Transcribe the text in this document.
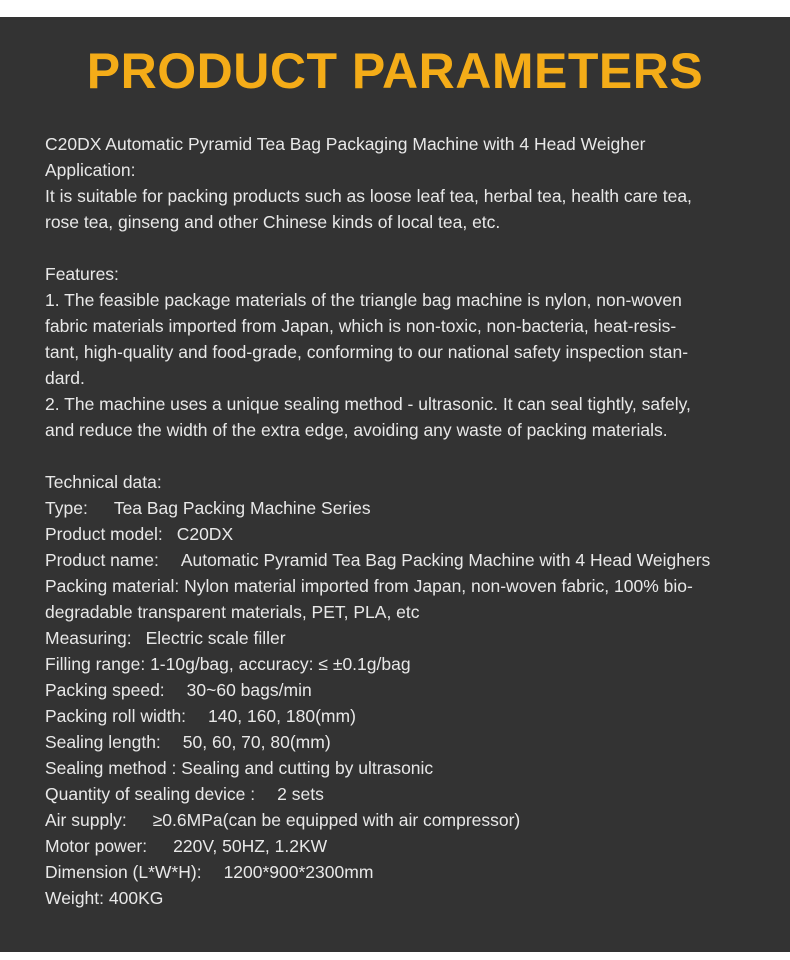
PRODUCT PARAMETERS
C20DX Automatic Pyramid Tea Bag Packaging Machine with 4 Head Weigher
Application:
It is suitable for packing products such as loose leaf tea, herbal tea, health care tea,
rose tea, ginseng and other Chinese kinds of local tea, etc.
Features:
1. The feasible package materials of the triangle bag machine is nylon, non-woven
fabric materials imported from Japan, which is non-toxic, non-bacteria, heat-resis-
tant, high-quality and food-grade, conforming to our national safety inspection stan-
dard.
2. The machine uses a unique sealing method - ultrasonic. It can seal tightly, safely,
and reduce the width of the extra edge, avoiding any waste of packing materials.
Technical data:
Type: Tea Bag Packing Machine Series
Product model: C20DX
Product name: Automatic Pyramid Tea Bag Packing Machine with 4 Head Weighers
Packing material: Nylon material imported from Japan, non-woven fabric, 100% bio-
degradable transparent materials, PET, PLA, etc
Measuring: Electric scale filler
Filling range: 1-10g/bag, accuracy: ≤ ±0.1g/bag
Packing speed: 30~60 bags/min
Packing roll width: 140, 160, 180(mm)
Sealing length: 50, 60, 70, 80(mm)
Sealing method : Sealing and cutting by ultrasonic
Quantity of sealing device : 2 sets
Air supply: ≥0.6MPa(can be equipped with air compressor)
Motor power: 220V, 50HZ, 1.2KW
Dimension (L*W*H): 1200*900*2300mm
Weight: 400KG
